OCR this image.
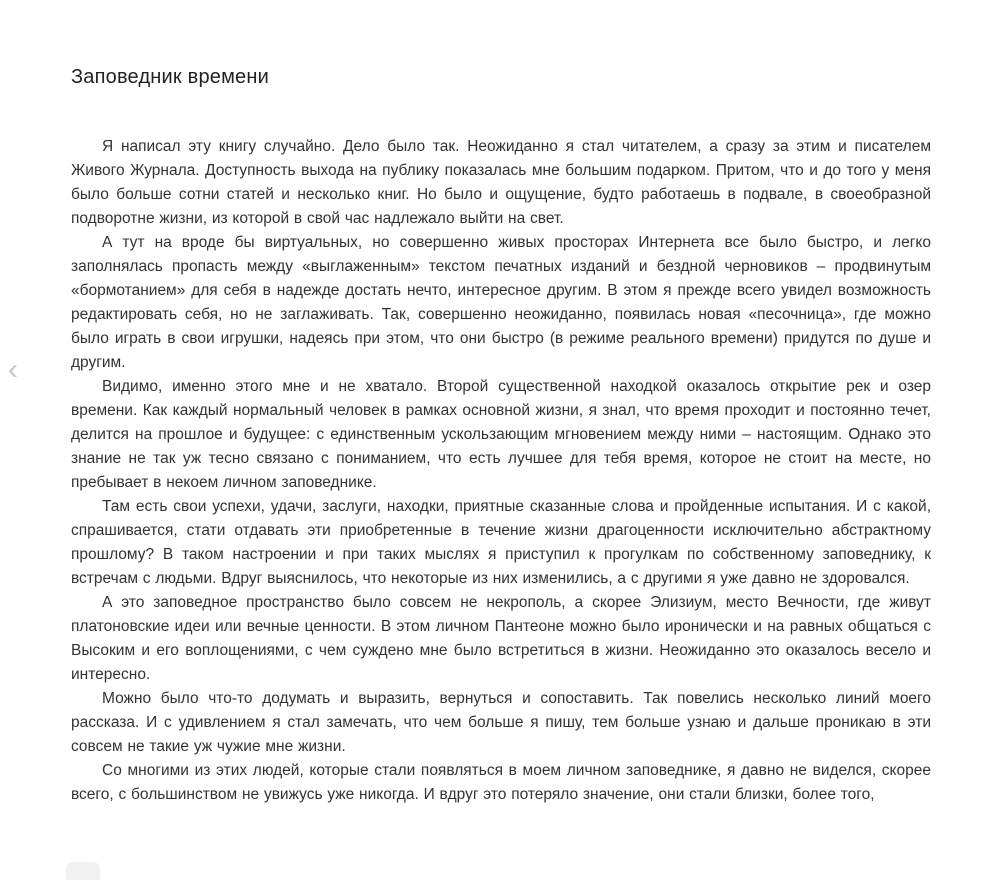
‹
Заповедник времени

Я написал эту книгу случайно. Дело было так. Неожиданно я стал читателем, а сразу за этим и писателем Живого Журнала. Доступность выхода на публику показалась мне большим подарком. Притом, что и до того у меня было больше сотни статей и несколько книг. Но было и ощущение, будто работаешь в подвале, в своеобразной подворотне жизни, из которой в свой час надлежало выйти на свет.

А тут на вроде бы виртуальных, но совершенно живых просторах Интернета все было быстро, и легко заполнялась пропасть между «выглаженным» текстом печатных изданий и бездной черновиков – продвинутым «бормотанием» для себя в надежде достать нечто, интересное другим. В этом я прежде всего увидел возможность редактировать себя, но не заглаживать. Так, совершенно неожиданно, появилась новая «песочница», где можно было играть в свои игрушки, надеясь при этом, что они быстро (в режиме реального времени) придутся по душе и другим.

Видимо, именно этого мне и не хватало. Второй существенной находкой оказалось открытие рек и озер времени. Как каждый нормальный человек в рамках основной жизни, я знал, что время проходит и постоянно течет, делится на прошлое и будущее: с единственным ускользающим мгновением между ними – настоящим. Однако это знание не так уж тесно связано с пониманием, что есть лучшее для тебя время, которое не стоит на месте, но пребывает в некоем личном заповеднике.

Там есть свои успехи, удачи, заслуги, находки, приятные сказанные слова и пройденные испытания. И с какой, спрашивается, стати отдавать эти приобретенные в течение жизни драгоценности исключительно абстрактному прошлому? В таком настроении и при таких мыслях я приступил к прогулкам по собственному заповеднику, к встречам с людьми. Вдруг выяснилось, что некоторые из них изменились, а с другими я уже давно не здоровался.

А это заповедное пространство было совсем не некрополь, а скорее Элизиум, место Вечности, где живут платоновские идеи или вечные ценности. В этом личном Пантеоне можно было иронически и на равных общаться с Высоким и его воплощениями, с чем суждено мне было встретиться в жизни. Неожиданно это оказалось весело и интересно.

Можно было что-то додумать и выразить, вернуться и сопоставить. Так повелись несколько линий моего рассказа. И с удивлением я стал замечать, что чем больше я пишу, тем больше узнаю и дальше проникаю в эти совсем не такие уж чужие мне жизни.

Со многими из этих людей, которые стали появляться в моем личном заповеднике, я давно не виделся, скорее всего, с большинством не увижусь уже никогда. И вдруг это потеряло значение, они стали близки, более того,
